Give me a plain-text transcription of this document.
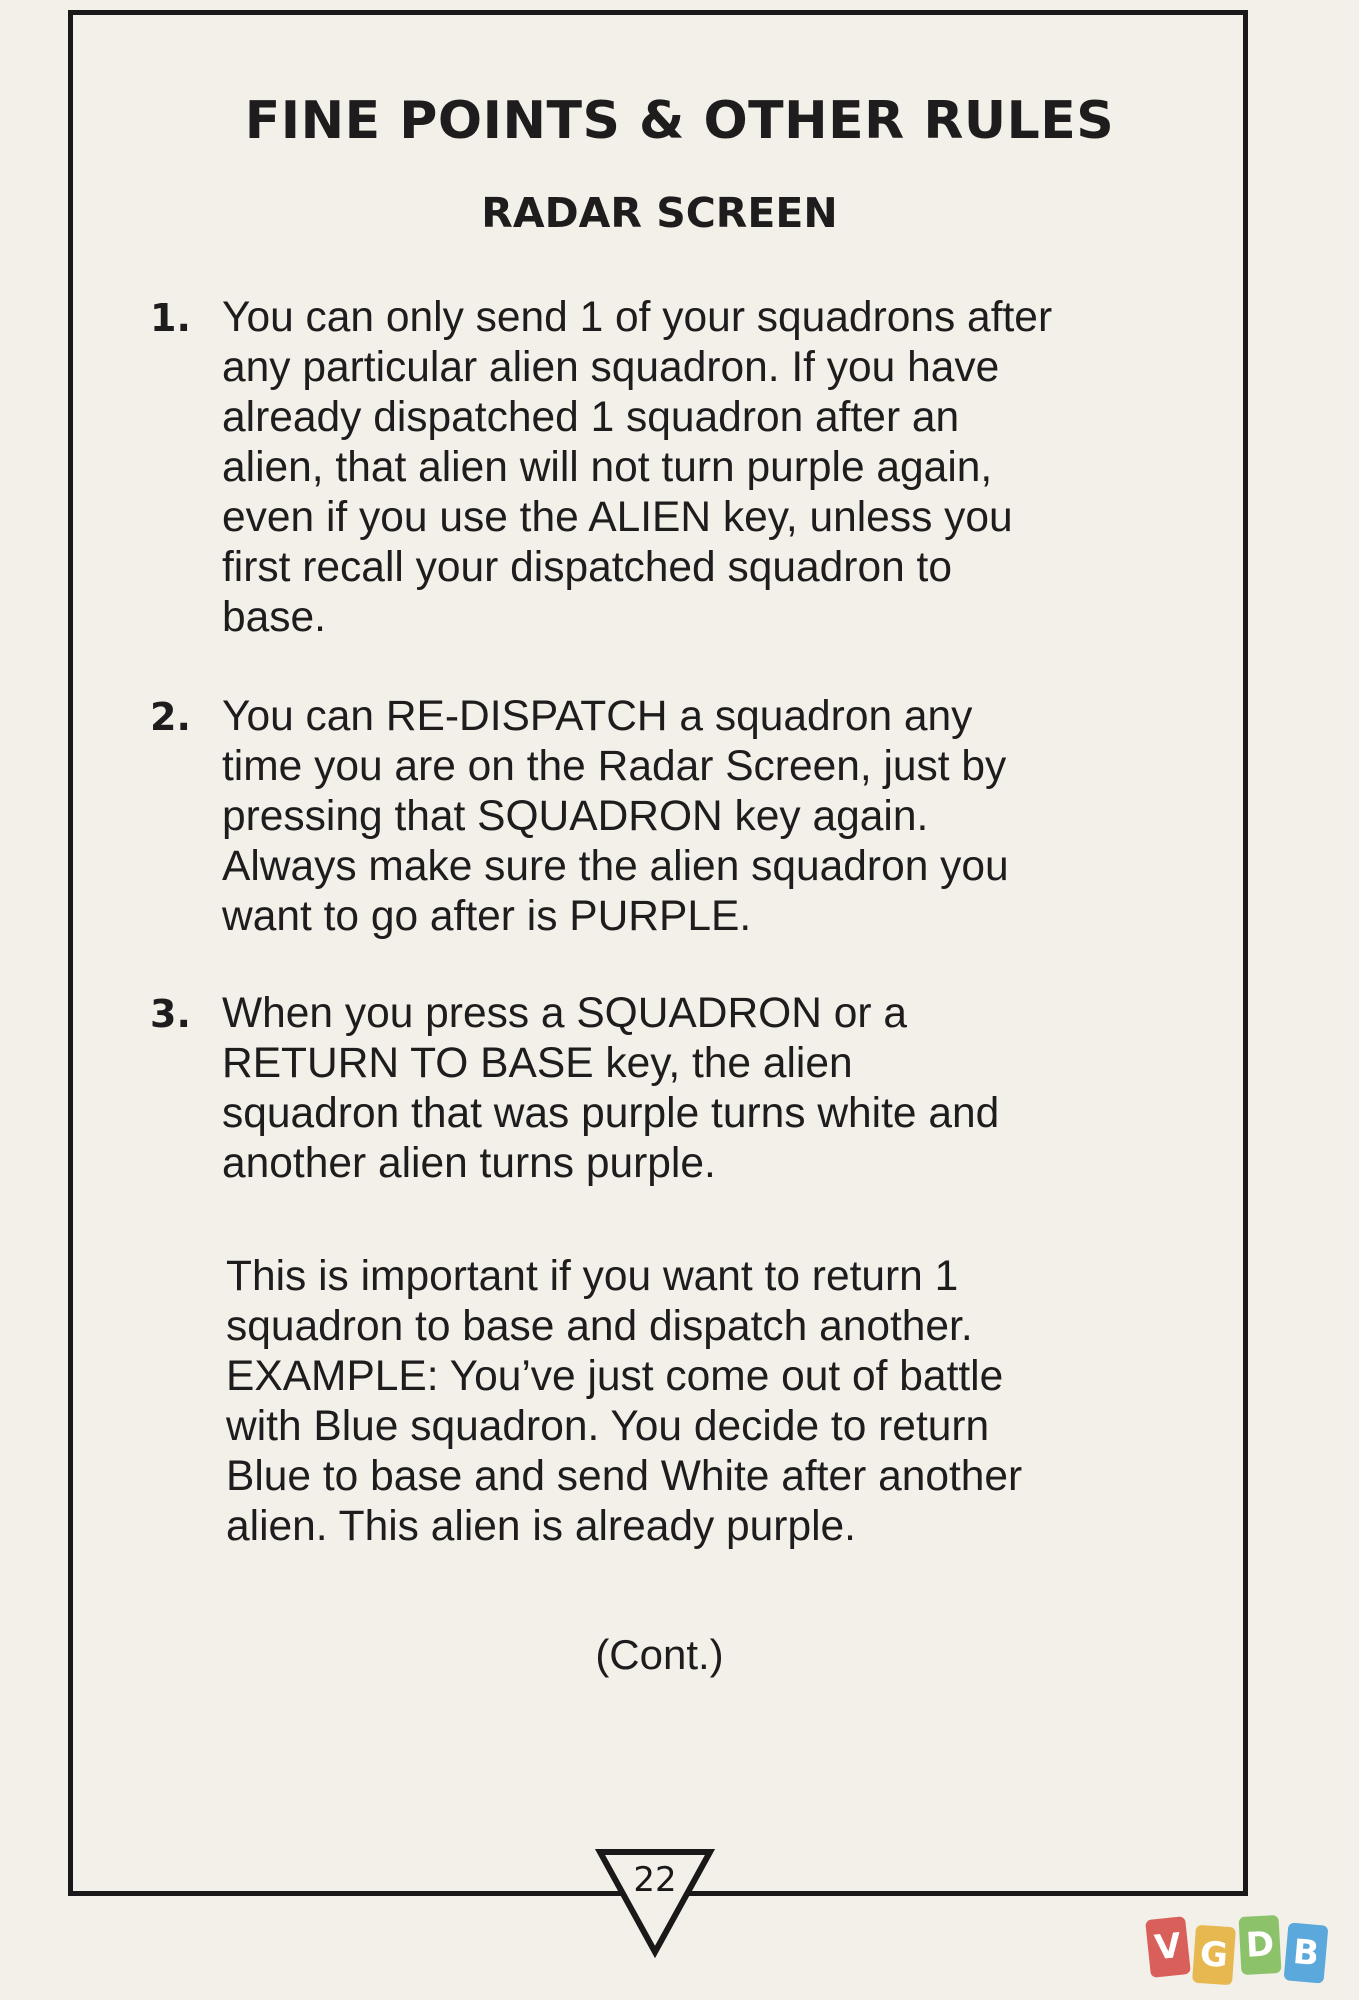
FINE POINTS & OTHER RULES
RADAR SCREEN
1. You can only send 1 of your squadrons after
any particular alien squadron. If you have
already dispatched 1 squadron after an
alien, that alien will not turn purple again,
even if you use the ALIEN key, unless you
first recall your dispatched squadron to
base.
2. You can RE-DISPATCH a squadron any
time you are on the Radar Screen, just by
pressing that SQUADRON key again.
Always make sure the alien squadron you
want to go after is PURPLE.
3. When you press a SQUADRON or a
RETURN TO BASE key, the alien
squadron that was purple turns white and
another alien turns purple.
This is important if you want to return 1
squadron to base and dispatch another.
EXAMPLE: You’ve just come out of battle
with Blue squadron. You decide to return
Blue to base and send White after another
alien. This alien is already purple.
(Cont.)
22
V G D B
